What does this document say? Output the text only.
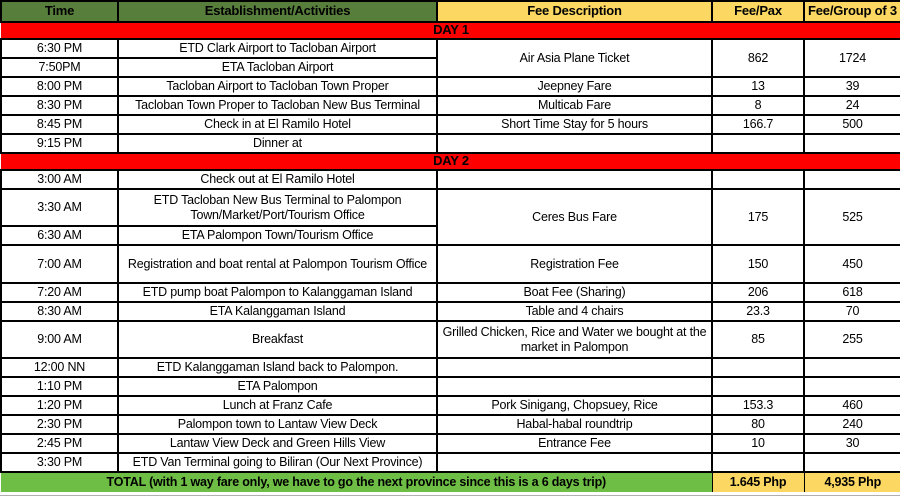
Time	Establishment/Activities	Fee Description	Fee/Pax	Fee/Group of 3
DAY 1				
6:30 PM	ETD Clark Airport to Tacloban Airport	Air Asia Plane Ticket	862	1724
7:50PM	ETA Tacloban Airport			
8:00 PM	Tacloban Airport to Tacloban Town Proper	Jeepney Fare	13	39
8:30 PM	Tacloban Town Proper to Tacloban New Bus Terminal	Multicab Fare	8	24
8:45 PM	Check in at El Ramilo Hotel	Short Time Stay for 5 hours	166.7	500
9:15 PM	Dinner at			
DAY 2				
3:00 AM	Check out at El Ramilo Hotel			
3:30 AM	ETD Tacloban New Bus Terminal to Palompon Town/Market/Port/Tourism Office	Ceres Bus Fare	175	525
6:30 AM	ETA Palompon Town/Tourism Office			
7:00 AM	Registration and boat rental at Palompon Tourism Office	Registration Fee	150	450
7:20 AM	ETD pump boat Palompon to Kalanggaman Island	Boat Fee (Sharing)	206	618
8:30 AM	ETA Kalanggaman Island	Table and 4 chairs	23.3	70
9:00 AM	Breakfast	Grilled Chicken, Rice and Water we bought at the market in Palompon	85	255
12:00 NN	ETD Kalanggaman Island back to Palompon.			
1:10 PM	ETA Palompon			
1:20 PM	Lunch at Franz Cafe	Pork Sinigang, Chopsuey, Rice	153.3	460
2:30 PM	Palompon town to Lantaw View Deck	Habal-habal roundtrip	80	240
2:45 PM	Lantaw View Deck and Green Hills View	Entrance Fee	10	30
3:30 PM	ETD Van Terminal going to Biliran (Our Next Province)			
TOTAL (with 1 way fare only, we have to go the next province since this is a 6 days trip)			1.645 Php	4,935 Php
